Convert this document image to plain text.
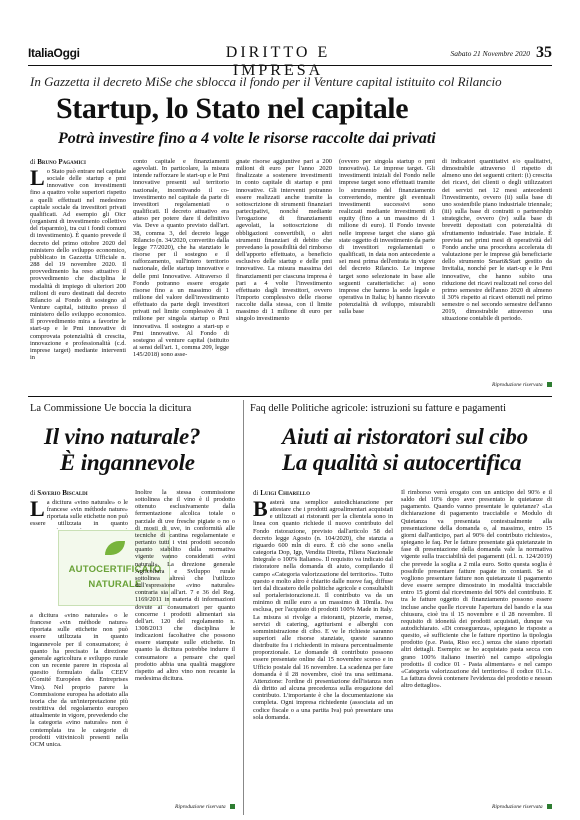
ItaliaOggi	DIRITTO E IMPRESA
Sabato 21 Novembre 2020 35
In Gazzetta il decreto MiSe che sblocca il fondo per il Venture capital istituito col Rilancio
Startup, lo Stato nel capitale
Potrà investire fino a 4 volte le risorse raccolte dai privati
di Bruno Pagamici
Lo Stato può entrare nel capitale sociale delle startup e pmi innovative con investimenti fino a quattro volte superiori rispetto a quelli effettuati nel medesimo capitale sociale da investitori privati qualificati. Ad esempio gli Oicr (organismi di investimento collettivo del risparmio), tra cui i fondi comuni di investimento). È quanto prevede il decreto del primo ottobre 2020 del ministero dello sviluppo economico, pubblicato in Gazzetta Ufficiale n. 288 del 19 novembre 2020. Il provvedimento ha reso attuativo il provvedimento che disciplina le modalità di impiego di ulteriori 200 milioni di euro destinati dal decreto Rilancio al Fondo di sostegno al Venture capital, istituito presso il ministero dello sviluppo economico. Il provvedimento mira a favorire le start-up e le Pmi innovative di comprovata potenzialità di crescita, innovazione e professionalità (c.d. imprese target) mediante interventi in
conto capitale e finanziamenti agevolati. In particolare, la misura intende rafforzare le start-up e le Pmi innovative presenti sul territorio nazionale, incentivando il co-investimento nel capitale da parte di investitori regolamentati o qualificati. Il decreto attuativo era atteso per potere dare il definitivo via. Deve a quanto previsto dall'art. 38, comma 3, del decreto legge Rilancio (n. 34/2020, convertito dalla legge 77/2020), che ha stanziato le risorse per il sostegno e il rafforzamento, sull'intero territorio nazionale, delle startup innovative e delle pmi Innovative. Attraverso il Fondo potranno essere erogate risorse fino a un massimo di 1 milione del valore dell'investimento effettuato da parte degli investitori privati nel limite complessivo di 1 milione per singola startup o Pmi innovativa. Il sostegno a start-up e Pmi innovative. Al Fondo di sostegno al venture capital (istituito ai sensi dell'art. 1, comma 209, legge 145/2018) sono asse-
gnate risorse aggiuntive pari a 200 milioni di euro per l'anno 2020 finalizzate a sostenere investimenti in conto capitale di startup e pmi innovative. Gli interventi potranno essere realizzati anche tramite la sottoscrizione di strumenti finanziari partecipativi, nonché mediante l'erogazione di finanziamenti agevolati, la sottoscrizione di obbligazioni convertibili, o altri strumenti finanziari di debito che prevedano la possibilità del rimborso dell'apporto effettuato, a beneficio esclusivo delle startup e delle pmi innovative. La misura massima dei finanziamenti per ciascuna impresa è pari a 4 volte l'investimento effettuato dagli investitori, ovvero l'importo complessivo delle risorse raccolte dalla stessa, con il limite massimo di 1 milione di euro per singolo investimento
(ovvero per singola startup o pmi innovativa). Le imprese target. Gli investimenti iniziali del Fondo nelle imprese target sono effettuati tramite lo strumento del finanziamento convertendo, mentre gli eventuali investimenti successivi sono realizzati mediante investimenti di equity (fino a un massimo di 1 milione di euro). Il Fondo investe nelle imprese target che siano già state oggetto di investimento da parte di investitori regolamentati o qualificati, in data non antecedente a sei mesi prima dell'entrata in vigore del decreto Rilancio. Le imprese target sono selezionate in base alle seguenti caratteristiche: a) sono imprese che hanno la sede legale e operativa in Italia; b) hanno ricevuto potenzialità di sviluppo, misurabili sulla base
di indicatori quantitativi e/o qualitativi, dimostrabile attraverso il rispetto di almeno uno dei seguenti criteri: (i) crescita dei ricavi, dei clienti o degli utilizzatori dei servizi nei 12 mesi antecedenti l'investimento, ovvero (ii) sulla base di uno sostenibile piano industriale triennale; (iii) sulla base di contratti o partnership strategiche, ovvero (iv) sulla base di brevetti depositati con potenzialità di sfruttamento industriale. Fase iniziale. È prevista nei primi mesi di operatività del Fondo anche una procedura accelerata di valutazione per le imprese già beneficiarie dello strumento Smart&Start gestito da Invitalia, nonché per le start-up e le Pmi innovative, che hanno subìto una riduzione dei ricavi realizzati nel corso del primo semestre dell'anno 2020 di almeno il 30% rispetto ai ricavi ottenuti nel primo semestre o nel secondo semestre dell'anno 2019, dimostrabile attraverso una situazione contabile di periodo.
Riproduzione riservata
La Commissione Ue boccia la dicitura
Il vino naturale?
È ingannevole
di Saverio Biscaldi
La dicitura «vino naturale» o le francese «vin méthode nature» riportata sulle etichette non può essere utilizzata in quanto
AUTOCERTIFICATO
NATURALE
a dicitura «vino naturale» o le francese «vin méthode nature» riportata sulle etichette non può essere utilizzata in quanto ingannevole per il consumatore; è quanto ha precisato la direzione generale agricoltura e sviluppo rurale con un recente parere in risposta al quesito formulato dalla CEEV (Comité Européen des Entreprises Vins). Nel proprio parere la Commissione europea ha adottato alla teoria che da un'interpretazione più restrittiva del regolamento europeo attualmente in vigore, prevedendo che la categoria «vino naturale» non è contemplata tra le categorie di prodotti vitivinicoli presenti nella OCM unica.
Inoltre la stessa commissione sottolinea che il vino è il prodotto ottenuto esclusivamente dalla fermentazione alcolica totale o parziale di uve fresche pigiate o no o di mosti di uve, in conformità alle tecniche di cantina regolamentate e pertanto tutti i vini prodotti secondo quanto stabilito dalla normativa vigente vanno considerati «vini naturali». La direzione generale Agricoltura e Sviluppo rurale sottolinea altresì che l'utilizzo dell'espressione «vino naturale» contraria sia all'art. 7 e 36 del Reg. 1169/2011 in materia di informazioni dovute ai consumatori per quanto concerne i prodotti alimentari sia dell'art. 120 del regolamento n. 1308/2013 che disciplina le indicazioni facoltative che possono essere stampate sulle etichette. In quanto la dicitura potrebbe indurre il consumatore a pensare che quel prodotto abbia una qualità maggiore rispetto ad altro vino non recante la medesima dicitura.
Riproduzione riservata
Faq delle Politiche agricole: istruzioni su fatture e pagamenti
Aiuti ai ristoratori sul cibo
La qualità si autocertifica
di Luigi Chiarello
Basterà una semplice autodichiarazione per attestare che i prodotti agroalimentari acquistati e utilizzati ai ristoranti per la clientela sono in linea con quanto richiede il nuovo contributo del Fondo ristorazione, previsto dall'articolo 58 del decreto legge Agosto (n. 104/2020), che stanzia a riguardo 600 mln di euro. È ciò che sono «nella categoria Dop, Igp, Vendita Diretta, Filiera Nazionale Integrale o 100% Italiano». Il requisito va indicato dal ristoratore nella domanda di aiuto, compilando il campo «Categoria valorizzazione del territorio». Tutto questo e molto altro è chiarito dalle nuove faq, diffuse ieri dal dicastero delle politiche agricole e consultabili sul portaleristorazione.it. Il contributo va da un minimo di mille euro a un massimo di 10mila. Iva esclusa, per l'acquisto di prodotti 100% Made in Italy. La misura si rivolge a ristoranti, pizzerie, mense, servizi di catering, agriturismi e alberghi con somministrazione di cibo. E ve le richieste saranno superiori alle risorse stanziate, queste saranno distribuite fra i richiedenti in misura percentualmente proporzionale. Le domande di contributo possono essere presentate online dal 15 novembre scorso e in Ufficio postale dal 16 novembre. La scadenza per fare domanda è il 28 novembre, cioè tra una settimana. Attenzione: l'ordine di presentazione dell'istanza non dà diritto ad alcuna precedenza sulla erogazione del contributo. L'importante è che la documentazione sia completa. Ogni impresa richiedente (associata ad un codice fiscale o a una partita Iva) può presentare una sola domanda.
Il rimborso verrà erogato con un anticipo del 90% e il saldo del 10% dopo aver presentato le quietanze di pagamento. Quando vanno presentate le quietanze? «La dichiarazione di pagamento tracciabile e Modulo di Quietanza va presentata contestualmente alla presentazione della domanda o, al massimo, entro 15 giorni dall'anticipo, pari al 90% del contributo richiesto», spiegano le faq. Per le fatture presentate già quietanzate in fase di presentazione della domanda vale la normativa vigente sulla tracciabilità dei pagamenti (d.l. n. 124/2019) che prevede la soglia a 2 mila euro. Sotto questa soglia è possibile presentare fatture pagate in contanti. Se si vogliono presentare fatture non quietanzate il pagamento deve essere sempre dimostrato in modalità tracciabile entro 15 giorni dal ricevimento del 90% del contributo. E tra le fatture oggetto di finanziamento possono essere incluse anche quelle ricevute l'apertura del bando e la sua chiusura, cioè tra il 15 novembre e il 28 novembre. Il requisito di idoneità dei prodotti acquistati, dunque va autodichiarato. «Di conseguenza», spiegano le risposte a quesito, «è sufficiente che le fatture riportino la tipologia prodotto (p.e. Pasta, Riso ecc.) senza che siano riportati altri dettagli. Esempio: se ho acquistato pasta secca con grano 100% italiano inserirò nel campo «tipologia prodotti» il codice 01 - Pasta alimentare» e nel campo «Categoria valorizzazione del territorio» il codice 01.1». La fattura dovrà contenere l'evidenza del prodotto e nessun altro dettaglio».
Riproduzione riservata
